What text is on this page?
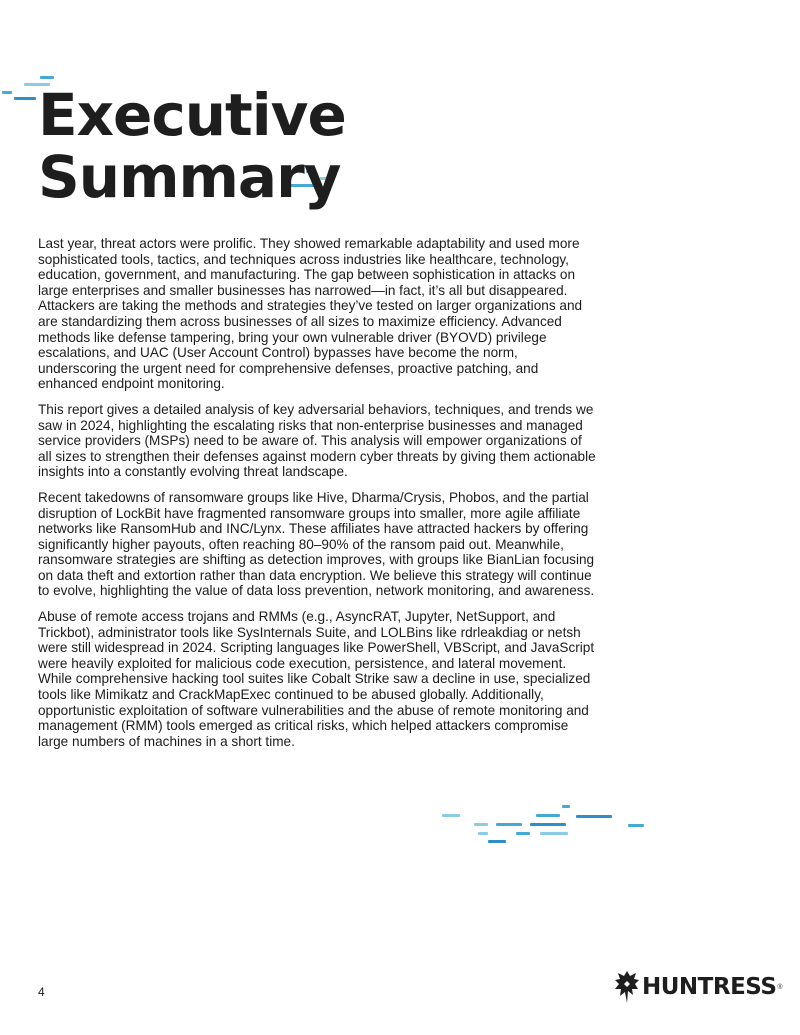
Executive
Summary

Last year, threat actors were prolific. They showed remarkable adaptability and used more sophisticated tools, tactics, and techniques across industries like healthcare, technology, education, government, and manufacturing. The gap between sophistication in attacks on large enterprises and smaller businesses has narrowed—in fact, it’s all but disappeared. Attackers are taking the methods and strategies they’ve tested on larger organizations and are standardizing them across businesses of all sizes to maximize efficiency. Advanced methods like defense tampering, bring your own vulnerable driver (BYOVD) privilege escalations, and UAC (User Account Control) bypasses have become the norm, underscoring the urgent need for comprehensive defenses, proactive patching, and enhanced endpoint monitoring.

This report gives a detailed analysis of key adversarial behaviors, techniques, and trends we saw in 2024, highlighting the escalating risks that non-enterprise businesses and managed service providers (MSPs) need to be aware of. This analysis will empower organizations of all sizes to strengthen their defenses against modern cyber threats by giving them actionable insights into a constantly evolving threat landscape.

Recent takedowns of ransomware groups like Hive, Dharma/Crysis, Phobos, and the partial disruption of LockBit have fragmented ransomware groups into smaller, more agile affiliate networks like RansomHub and INC/Lynx. These affiliates have attracted hackers by offering significantly higher payouts, often reaching 80–90% of the ransom paid out. Meanwhile, ransomware strategies are shifting as detection improves, with groups like BianLian focusing on data theft and extortion rather than data encryption. We believe this strategy will continue to evolve, highlighting the value of data loss prevention, network monitoring, and awareness.

Abuse of remote access trojans and RMMs (e.g., AsyncRAT, Jupyter, NetSupport, and Trickbot), administrator tools like SysInternals Suite, and LOLBins like rdrleakdiag or netsh were still widespread in 2024. Scripting languages like PowerShell, VBScript, and JavaScript were heavily exploited for malicious code execution, persistence, and lateral movement. While comprehensive hacking tool suites like Cobalt Strike saw a decline in use, specialized tools like Mimikatz and CrackMapExec continued to be abused globally. Additionally, opportunistic exploitation of software vulnerabilities and the abuse of remote monitoring and management (RMM) tools emerged as critical risks, which helped attackers compromise large numbers of machines in a short time.

4	HUNTRESS ®
